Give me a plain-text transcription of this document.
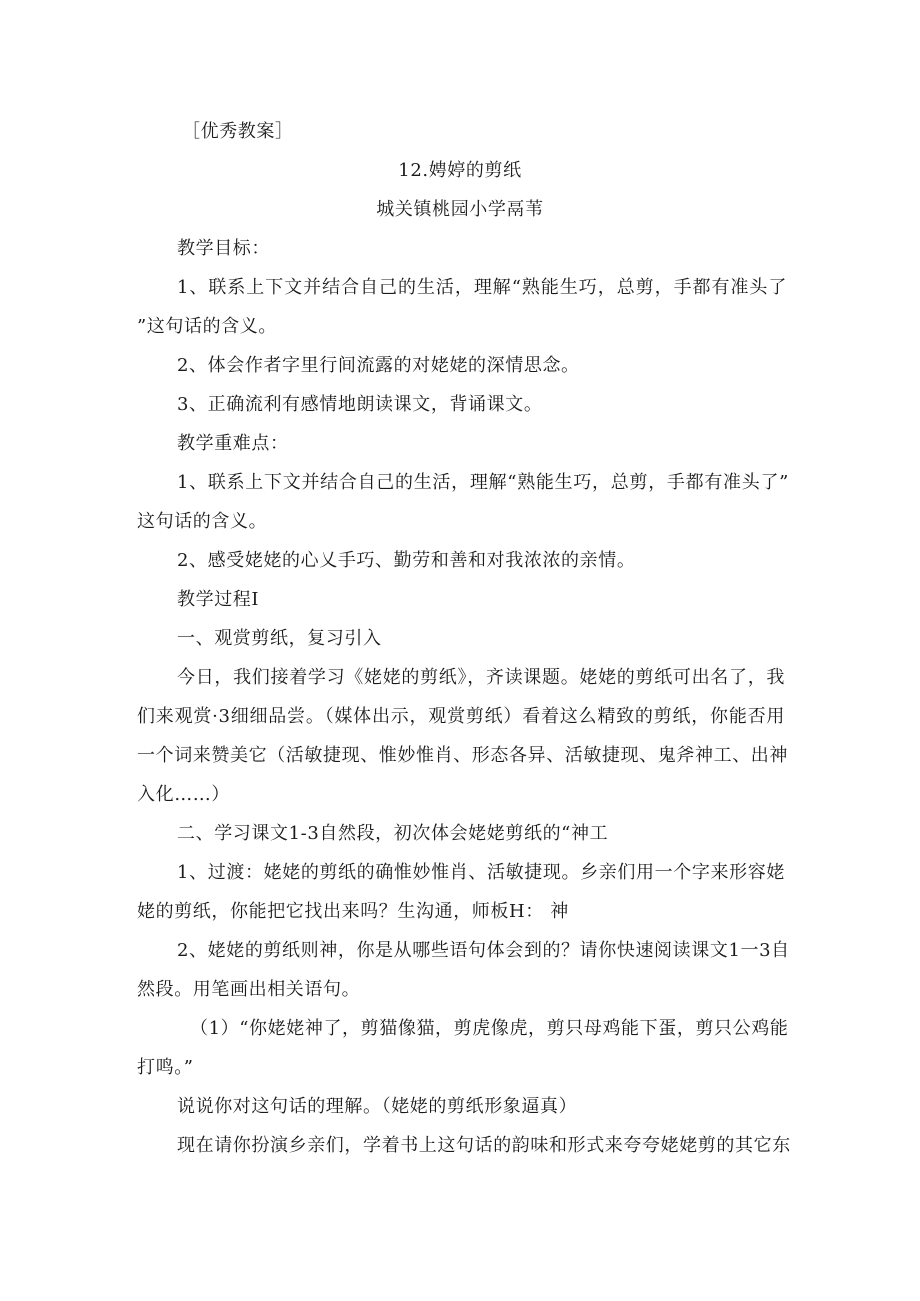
［优秀教案］
12.娉婷的剪纸
城关镇桃园小学鬲苇
教学目标：
1、联系上下文并结合自己的生活，理解“熟能生巧，总剪，手都有准头了
”这句话的含义。
2、体会作者字里行间流露的对姥姥的深情思念。
3、正确流利有感情地朗读课文，背诵课文。
教学重难点：
1、联系上下文并结合自己的生活，理解“熟能生巧，总剪，手都有准头了”
这句话的含义。
2、感受姥姥的心乂手巧、勤劳和善和对我浓浓的亲情。
教学过程I
一、观赏剪纸，复习引入
今日，我们接着学习《姥姥的剪纸》，齐读课题。姥姥的剪纸可出名了，我
们来观赏·3细细品尝。（媒体出示，观赏剪纸）看着这么精致的剪纸，你能否用
一个词来赞美它（活敏捷现、惟妙惟肖、形态各异、活敏捷现、鬼斧神工、出神
入化……）
二、学习课文1-3自然段，初次体会姥姥剪纸的“神工
1、过渡：姥姥的剪纸的确惟妙惟肖、活敏捷现。乡亲们用一个字来形容姥
姥的剪纸，你能把它找出来吗？生沟通，师板H： 神
2、姥姥的剪纸则神，你是从哪些语句体会到的？请你快速阅读课文1一3自
然段。用笔画出相关语句。
（1）“你姥姥神了，剪猫像猫，剪虎像虎，剪只母鸡能下蛋，剪只公鸡能
打鸣。”
说说你对这句话的理解。（姥姥的剪纸形象逼真）
现在请你扮演乡亲们，学着书上这句话的韵味和形式来夸夸姥姥剪的其它东
